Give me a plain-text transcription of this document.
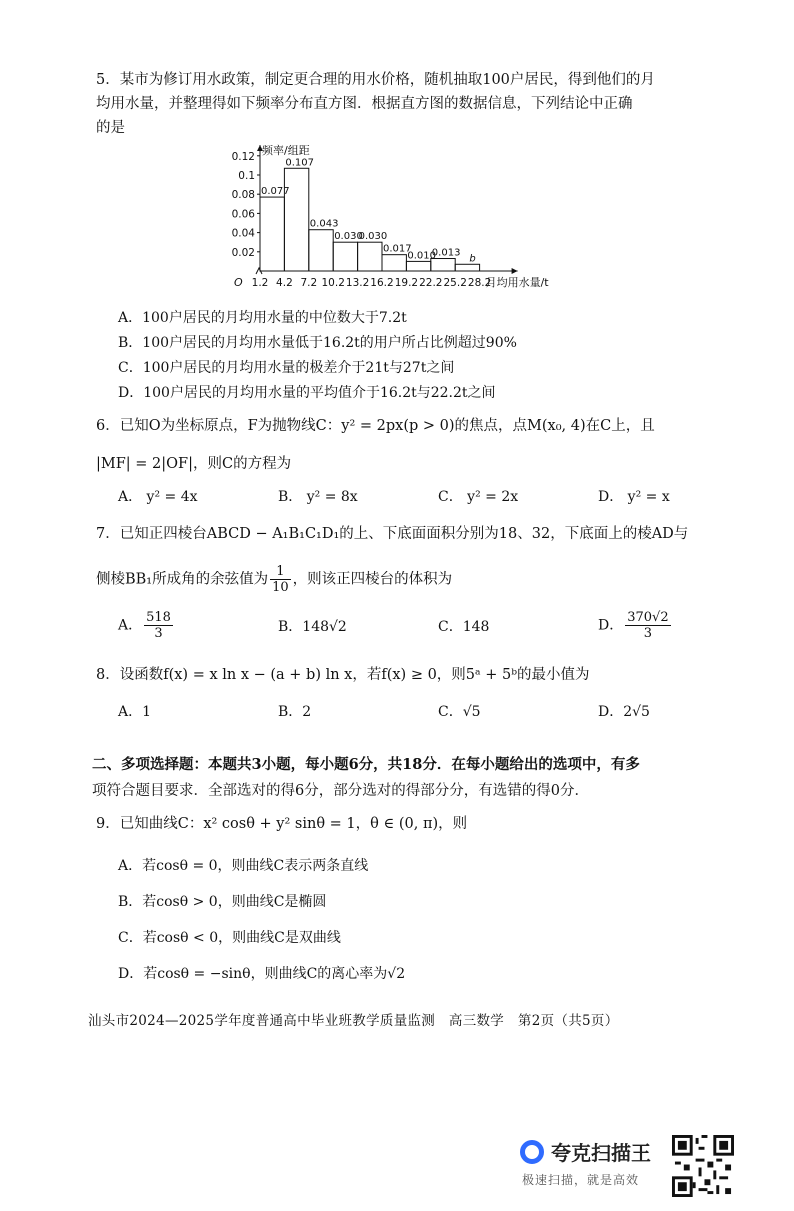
5．某市为修订用水政策，制定更合理的用水价格，随机抽取100户居民，得到他们的月
均用水量，并整理得如下频率分布直方图．根据直方图的数据信息，下列结论中正确
的是
频率/组距
月均用水量/t
O
0.02
0.04
0.06
0.08
0.1
0.12
0.077
0.107
0.043
0.030
0.030
0.017
0.010
0.013
b
1.2 4.2 7.2 10.2 13.2 16.2 19.2 22.2 25.2 28.2
A．100户居民的月均用水量的中位数大于7.2t
B．100户居民的月均用水量低于16.2t的用户所占比例超过90%
C．100户居民的月均用水量的极差介于21t与27t之间
D．100户居民的月均用水量的平均值介于16.2t与22.2t之间
6．已知O为坐标原点，F为抛物线C：y² = 2px(p > 0)的焦点，点M(x₀, 4)在C上，且
|MF| = 2|OF|，则C的方程为
A． y² = 4x	B． y² = 8x	C． y² = 2x	D． y² = x
7．已知正四棱台ABCD − A₁B₁C₁D₁的上、下底面面积分别为18、32，下底面上的棱AD与
侧棱BB₁所成角的余弦值为 $\frac{1}{10}$ ，则该正四棱台的体积为
A． $\frac{518}{3}$	B．148√2	C．148	D． $\frac{370√2}{3}$
8．设函数f(x) = x ln x − (a + b) ln x，若f(x) ≥ 0，则5ᵃ + 5ᵇ的最小值为
A．1	B．2	C．√5	D．2√5
二、多项选择题：本题共3小题，每小题6分，共18分．在每小题给出的选项中，有多
项符合题目要求．全部选对的得6分，部分选对的得部分分，有选错的得0分．
9．已知曲线C：x² cosθ + y² sinθ = 1，θ ∈ (0, π)，则
A．若cosθ = 0，则曲线C表示两条直线
B．若cosθ > 0，则曲线C是椭圆
C．若cosθ < 0，则曲线C是双曲线
D．若cosθ = −sinθ，则曲线C的离心率为√2
汕头市2024—2025学年度普通高中毕业班教学质量监测　高三数学　第2页（共5页）
夸克扫描王
极速扫描，就是高效
